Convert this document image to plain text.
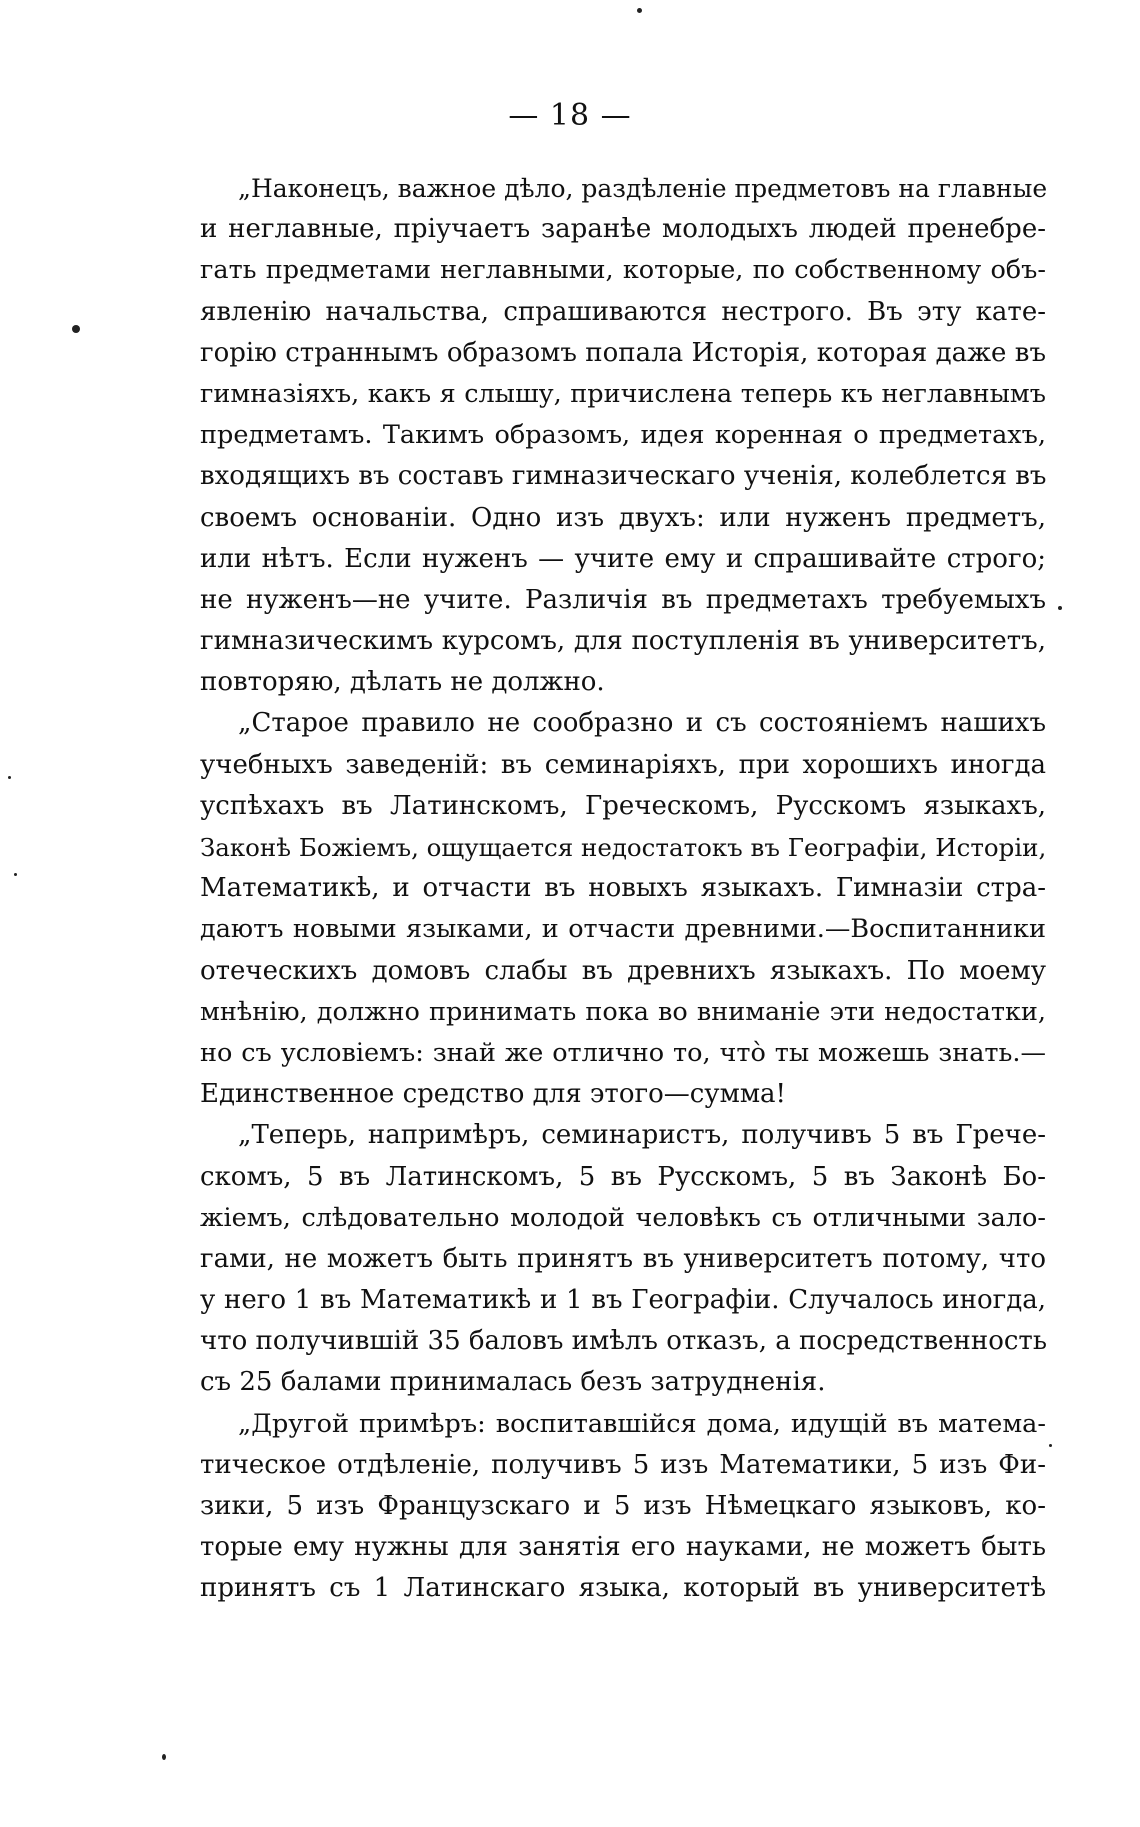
— 18 —
„Наконецъ, важное дѣло, раздѣленіе предметовъ на главные
и неглавные, пріучаетъ заранѣе молодыхъ людей пренебре-
гать предметами неглавными, которые, по собственному объ-
явленію начальства, спрашиваются нестрого. Въ эту катe-
горію страннымъ образомъ попала Исторія, которая даже въ
гимназіяхъ, какъ я слышу, причислена теперь къ неглавнымъ
предметамъ. Такимъ образомъ, идея коренная о предметахъ,
входящихъ въ составъ гимназическаго ученія, колеблется въ
своемъ основаніи. Одно изъ двухъ: или нуженъ предметъ,
или нѣтъ. Если нуженъ — учите ему и спрашивайте строго;
не нуженъ—не учите. Различія въ предметахъ требуемыхъ
гимназическимъ курсомъ, для поступленія въ университетъ,
повторяю, дѣлать не должно.
„Старое правило не сообразно и съ состояніемъ нашихъ
учебныхъ заведеній: въ семинаріяхъ, при хорошихъ иногда
успѣхахъ въ Латинскомъ, Греческомъ, Русскомъ языкахъ,
Законѣ Божіемъ, ощущается недостатокъ въ Географіи, Исторіи,
Математикѣ, и отчасти въ новыхъ языкахъ. Гимназіи стра-
даютъ новыми языками, и отчасти древними.—Воспитанники
отеческихъ домовъ слабы въ древнихъ языкахъ. По моему
мнѣнію, должно принимать пока во вниманіе эти недостатки,
но съ условіемъ: знай же отлично то, чтò ты можешь знать.—
Единственное средство для этого—сумма!
„Теперь, напримѣръ, семинаристъ, получивъ 5 въ Грече-
скомъ, 5 въ Латинскомъ, 5 въ Русскомъ, 5 въ Законѣ Бо-
жіемъ, слѣдовательно молодой человѣкъ съ отличными зало-
гами, не можетъ быть принятъ въ университетъ потому, что
у него 1 въ Математикѣ и 1 въ Географіи. Случалось иногда,
что получившій 35 баловъ имѣлъ отказъ, а посредственность
съ 25 балами принималась безъ затрудненія.
„Другой примѣръ: воспитавшійся дома, идущій въ матема-
тическое отдѣленіе, получивъ 5 изъ Математики, 5 изъ Фи-
зики, 5 изъ Французскаго и 5 изъ Нѣмецкаго языковъ, ко-
торые ему нужны для занятія его науками, не можетъ быть
принятъ съ 1 Латинскаго языка, который въ университетѣ
